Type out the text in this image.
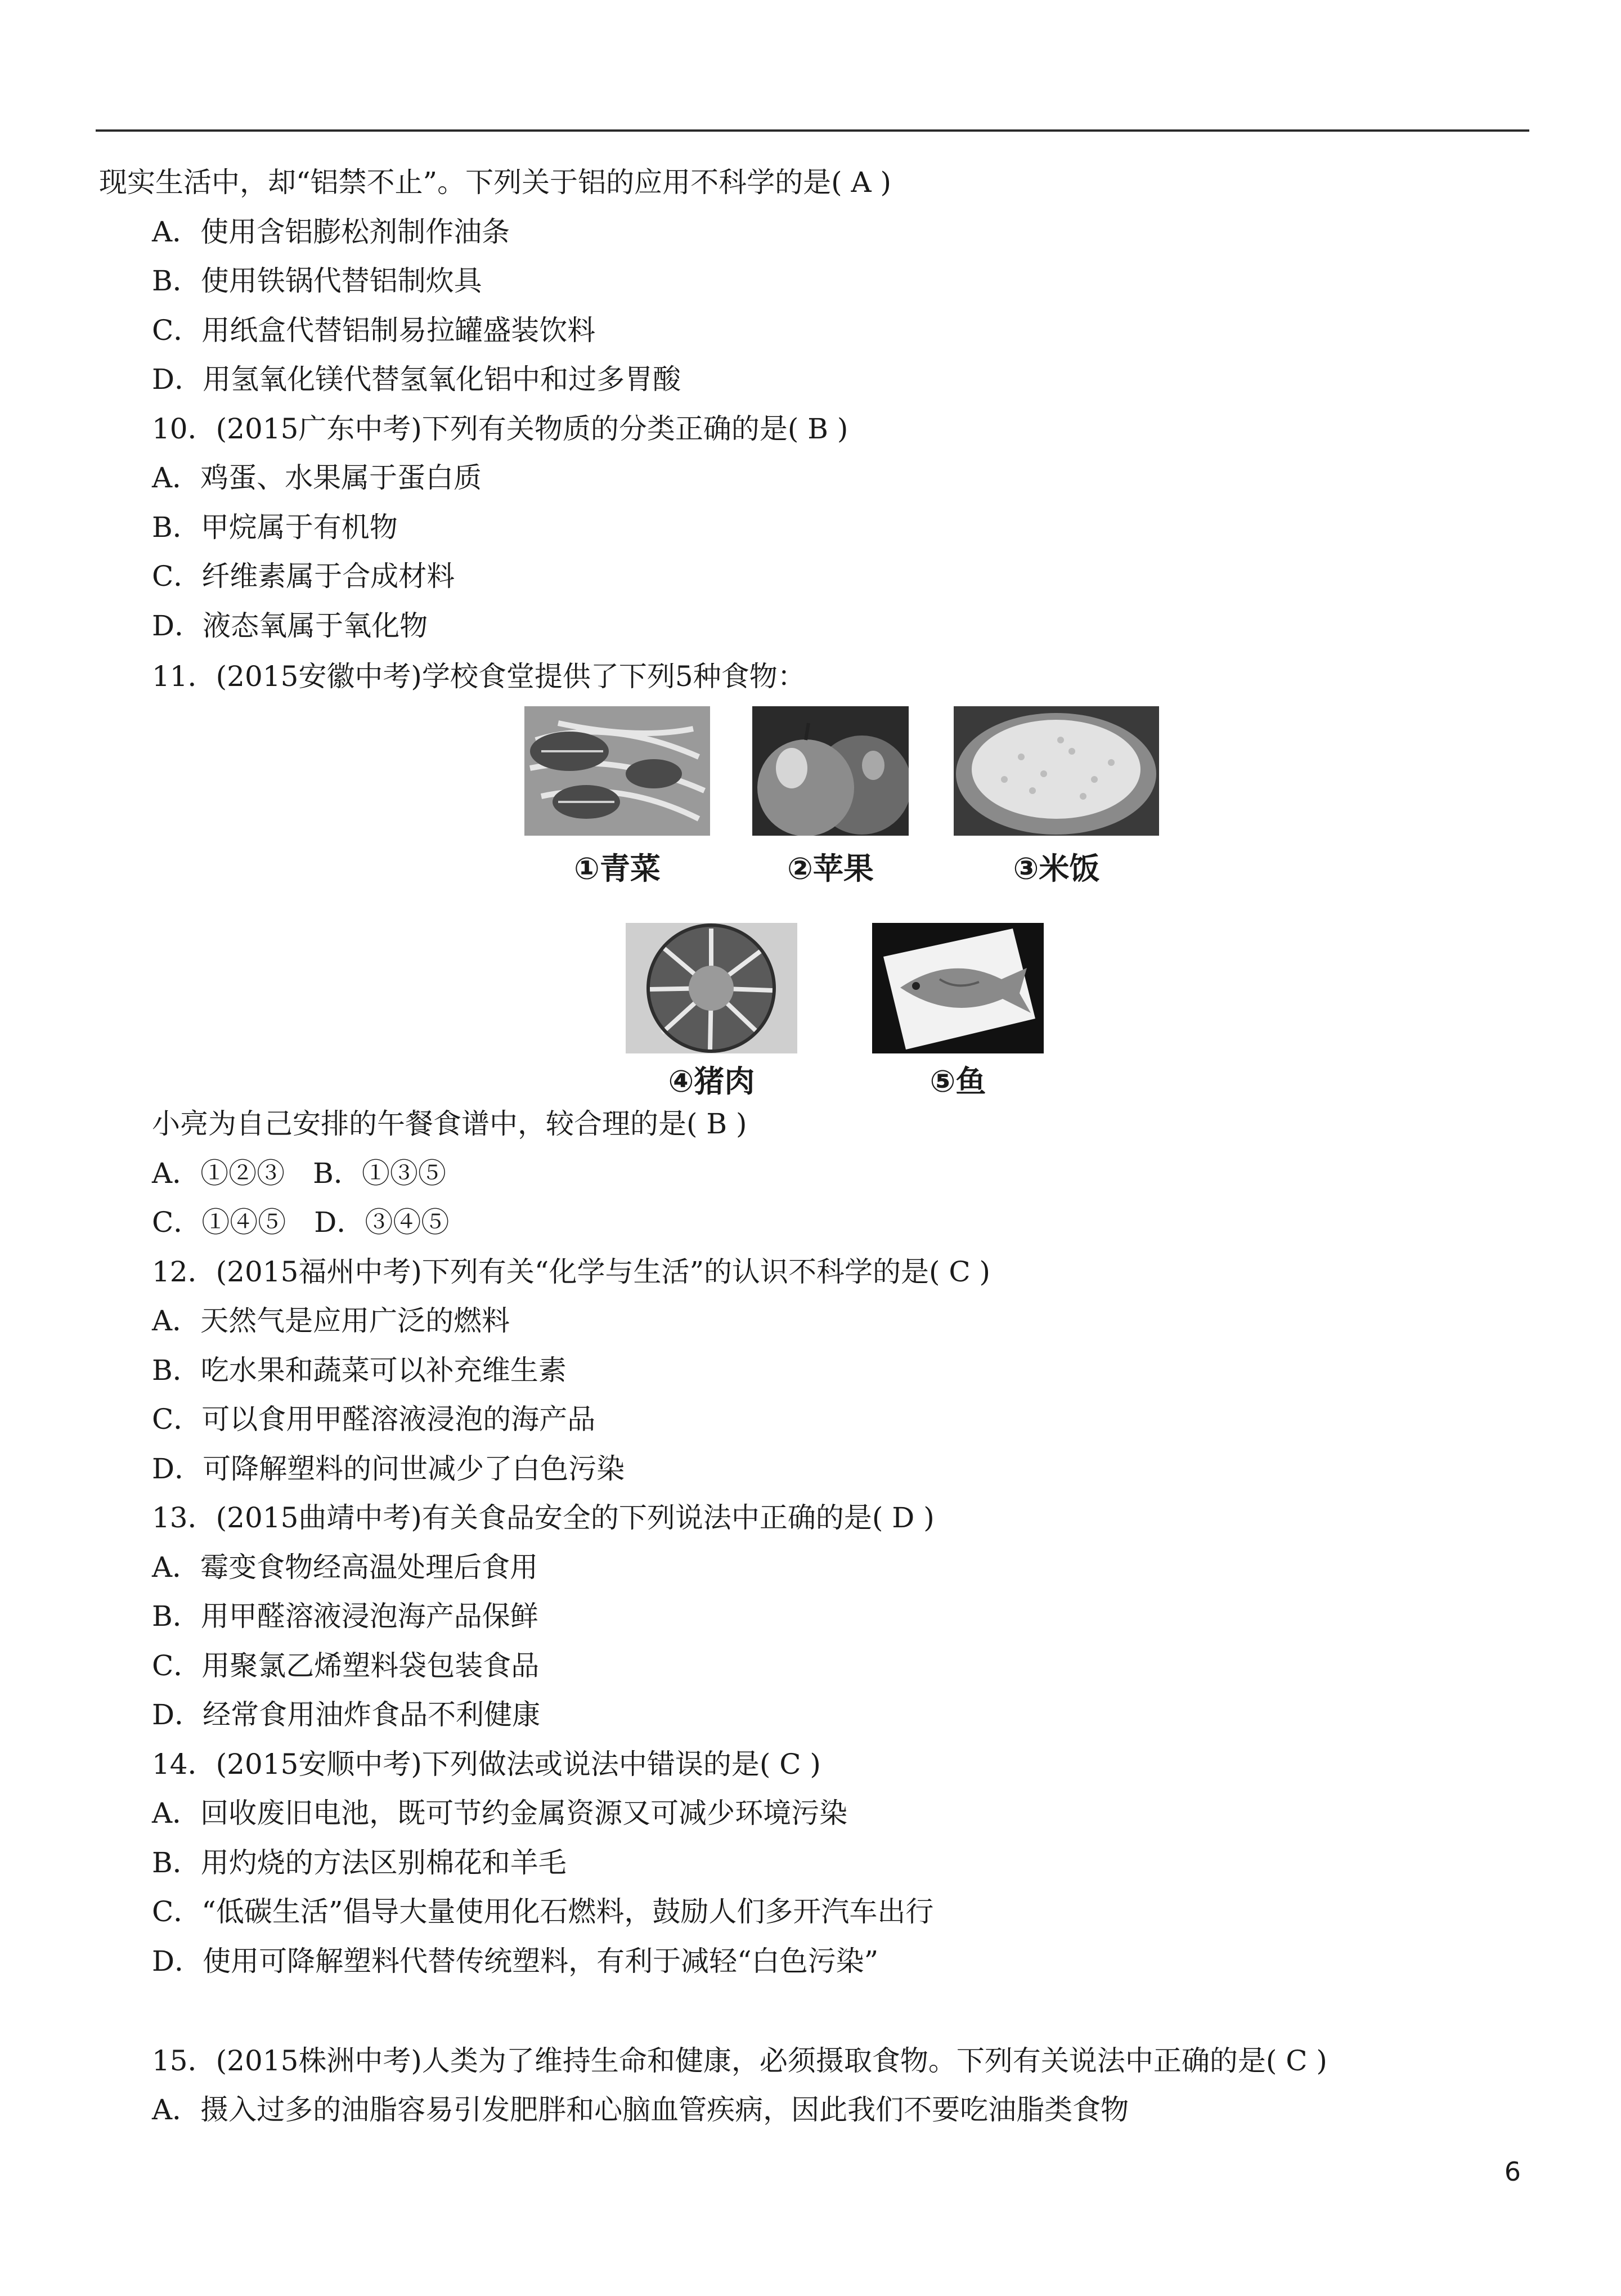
现实生活中，却“铝禁不止”。下列关于铝的应用不科学的是( A )
A．使用含铝膨松剂制作油条
B．使用铁锅代替铝制炊具
C．用纸盒代替铝制易拉罐盛装饮料
D．用氢氧化镁代替氢氧化铝中和过多胃酸
10．(2015广东中考)下列有关物质的分类正确的是( B )
A．鸡蛋、水果属于蛋白质
B．甲烷属于有机物
C．纤维素属于合成材料
D．液态氧属于氧化物
11．(2015安徽中考)学校食堂提供了下列5种食物：
①青菜	②苹果	③米饭
④猪肉	⑤鱼
小亮为自己安排的午餐食谱中，较合理的是( B )
A．①②③　B．①③⑤
C．①④⑤　D．③④⑤
12．(2015福州中考)下列有关“化学与生活”的认识不科学的是( C )
A．天然气是应用广泛的燃料
B．吃水果和蔬菜可以补充维生素
C．可以食用甲醛溶液浸泡的海产品
D．可降解塑料的问世减少了白色污染
13．(2015曲靖中考)有关食品安全的下列说法中正确的是( D )
A．霉变食物经高温处理后食用
B．用甲醛溶液浸泡海产品保鲜
C．用聚氯乙烯塑料袋包装食品
D．经常食用油炸食品不利健康
14．(2015安顺中考)下列做法或说法中错误的是( C )
A．回收废旧电池，既可节约金属资源又可减少环境污染
B．用灼烧的方法区别棉花和羊毛
C．“低碳生活”倡导大量使用化石燃料，鼓励人们多开汽车出行
D．使用可降解塑料代替传统塑料，有利于减轻“白色污染”
15．(2015株洲中考)人类为了维持生命和健康，必须摄取食物。下列有关说法中正确的是( C )
A．摄入过多的油脂容易引发肥胖和心脑血管疾病，因此我们不要吃油脂类食物
6
